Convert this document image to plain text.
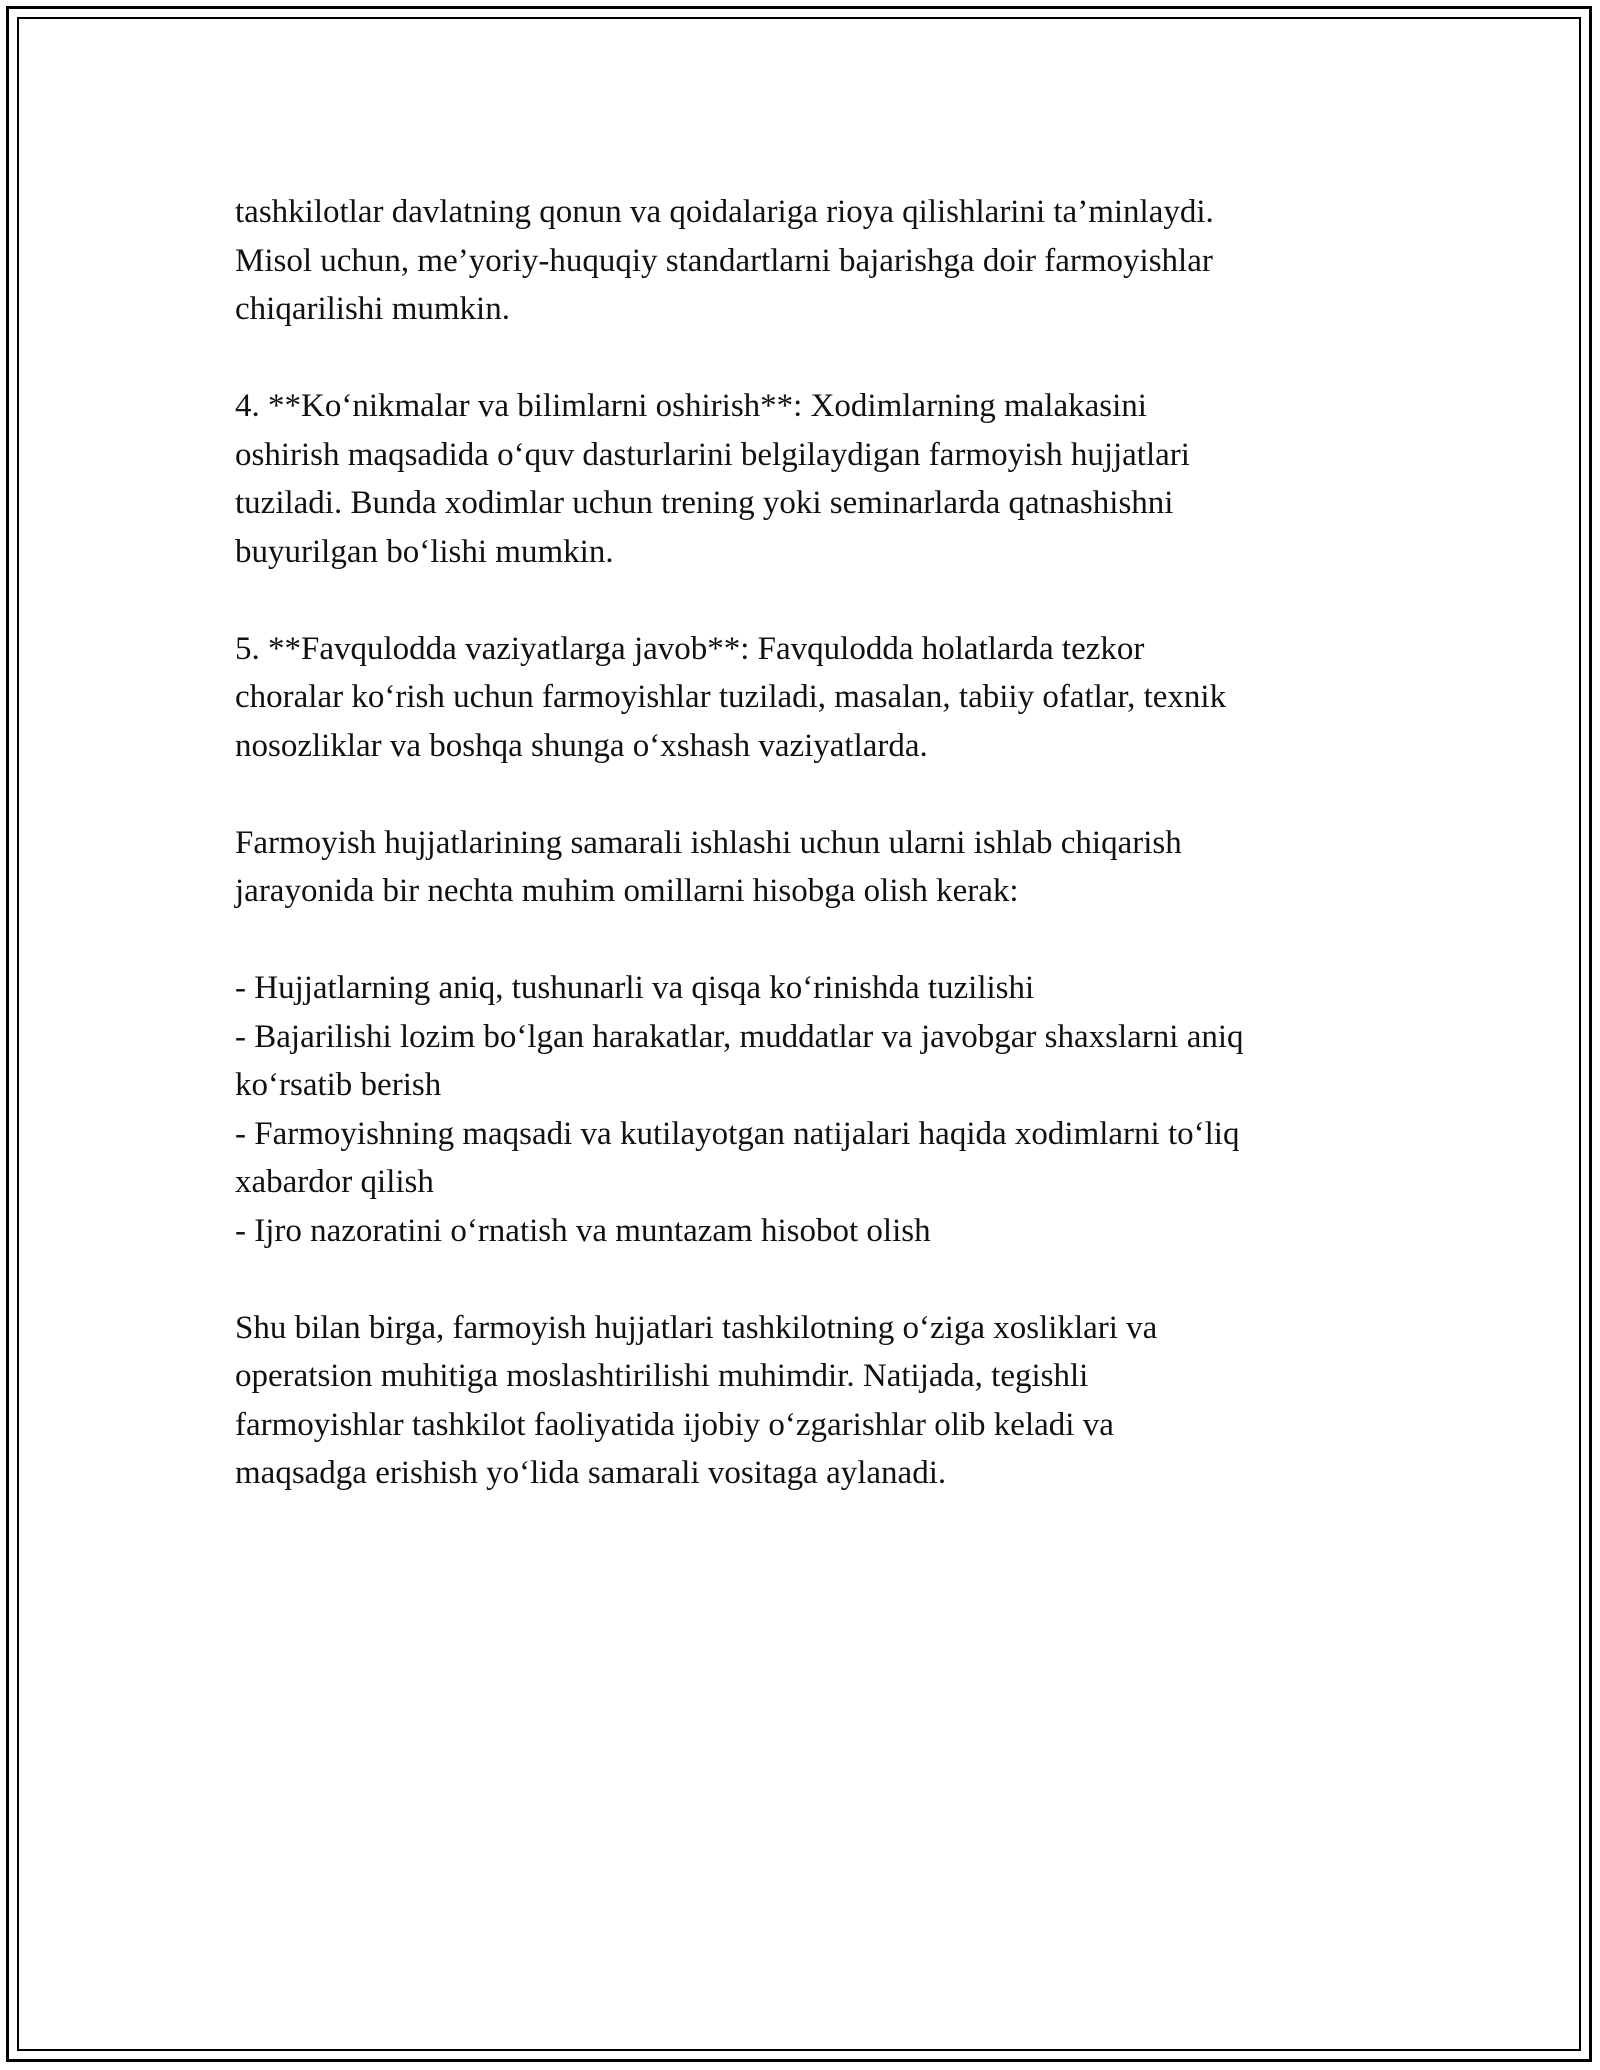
tashkilotlar davlatning qonun va qoidalariga rioya qilishlarini ta’minlaydi.
Misol uchun, me’yoriy-huquqiy standartlarni bajarishga doir farmoyishlar
chiqarilishi mumkin.

4. **Ko‘nikmalar va bilimlarni oshirish**: Xodimlarning malakasini
oshirish maqsadida o‘quv dasturlarini belgilaydigan farmoyish hujjatlari
tuziladi. Bunda xodimlar uchun trening yoki seminarlarda qatnashishni
buyurilgan bo‘lishi mumkin.

5. **Favqulodda vaziyatlarga javob**: Favqulodda holatlarda tezkor
choralar ko‘rish uchun farmoyishlar tuziladi, masalan, tabiiy ofatlar, texnik
nosozliklar va boshqa shunga o‘xshash vaziyatlarda.

Farmoyish hujjatlarining samarali ishlashi uchun ularni ishlab chiqarish
jarayonida bir nechta muhim omillarni hisobga olish kerak:

- Hujjatlarning aniq, tushunarli va qisqa ko‘rinishda tuzilishi
- Bajarilishi lozim bo‘lgan harakatlar, muddatlar va javobgar shaxslarni aniq
ko‘rsatib berish
- Farmoyishning maqsadi va kutilayotgan natijalari haqida xodimlarni to‘liq
xabardor qilish
- Ijro nazoratini o‘rnatish va muntazam hisobot olish

Shu bilan birga, farmoyish hujjatlari tashkilotning o‘ziga xosliklari va
operatsion muhitiga moslashtirilishi muhimdir. Natijada, tegishli
farmoyishlar tashkilot faoliyatida ijobiy o‘zgarishlar olib keladi va
maqsadga erishish yo‘lida samarali vositaga aylanadi.
